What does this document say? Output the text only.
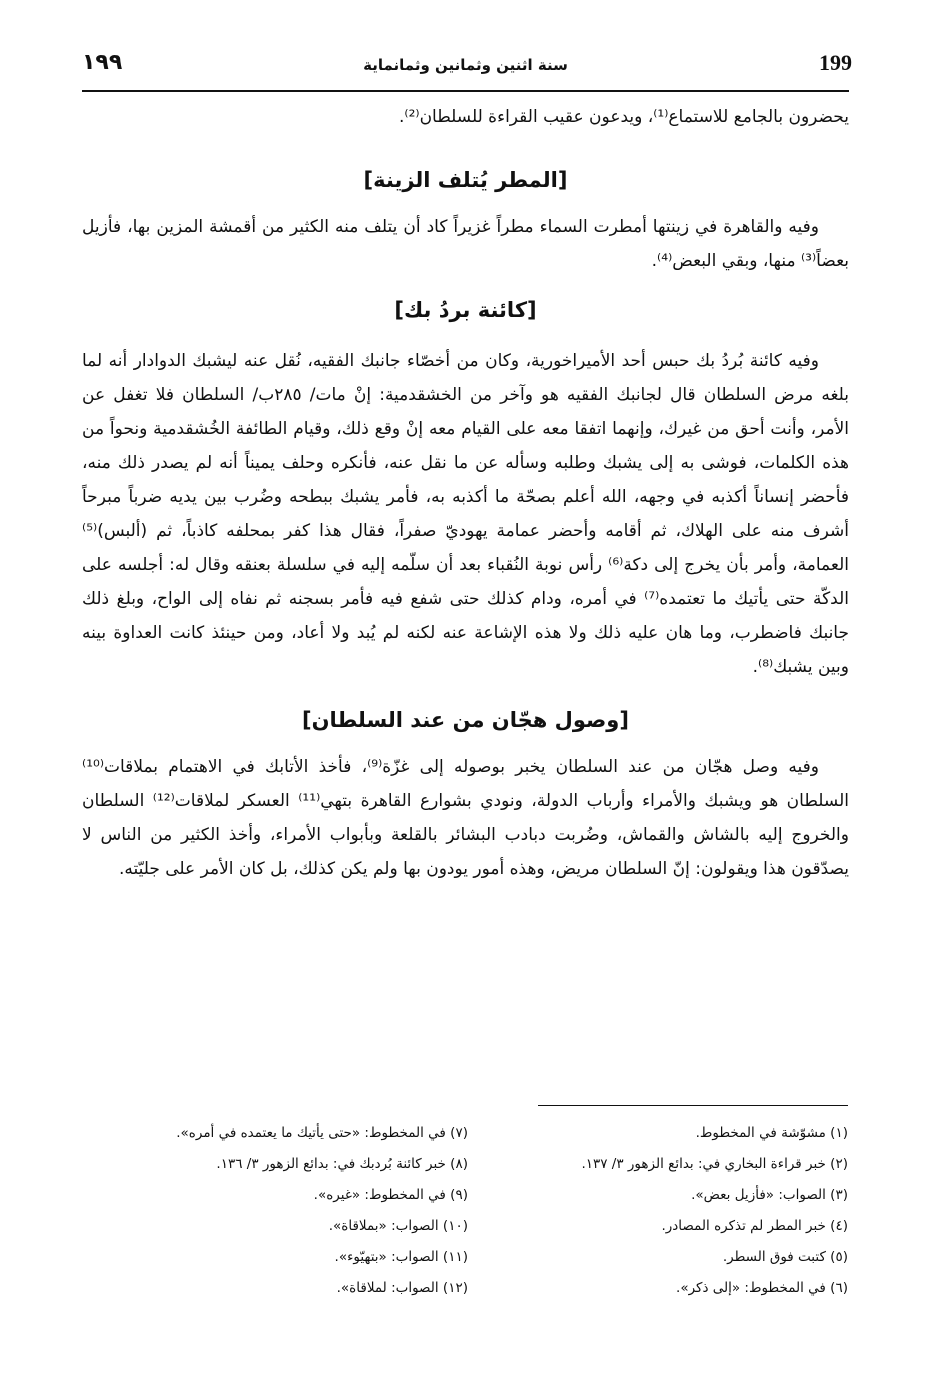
١٩٩	سنة اثنين وثمانين وثمانماية	199

يحضرون بالجامع للاستماع⁽¹⁾، ويدعون عقيب القراءة للسلطان⁽²⁾.

[المطر يُتلف الزينة]

وفيه والقاهرة في زينتها أمطرت السماء مطراً غزيراً كاد أن يتلف منه الكثير من أقمشة المزين بها، فأزيل بعضاً⁽³⁾ منها، وبقي البعض⁽⁴⁾.

[كائنة بردُ بك]

وفيه كائنة بُردُ بك حبس أحد الأميراخورية، وكان من أخصّاء جانبك الفقيه، نُقل عنه ليشبك الدوادار أنه لما بلغه مرض السلطان قال لجانبك الفقيه هو وآخر من الخشقدمية: إنْ مات/ ٢٨٥ب/ السلطان فلا تغفل عن الأمر، وأنت أحق من غيرك، وإنهما اتفقا معه على القيام معه إنْ وقع ذلك، وقيام الطائفة الخُشقدمية ونحواً من هذه الكلمات، فوشى به إلى يشبك وطلبه وسأله عن ما نقل عنه، فأنكره وحلف يميناً أنه لم يصدر ذلك منه، فأحضر إنساناً أكذبه في وجهه، الله أعلم بصحّة ما أكذبه به، فأمر يشبك ببطحه وضُرب بين يديه ضرباً مبرحاً أشرف منه على الهلاك، ثم أقامه وأحضر عمامة يهوديّ صفراً، فقال هذا كفر بمحلفه كاذباً، ثم (ألبس)⁽⁵⁾ العمامة، وأمر بأن يخرج إلى دكة⁽⁶⁾ رأس نوبة النُقباء بعد أن سلّمه إليه في سلسلة بعنقه وقال له: أجلسه على الدكّة حتى يأتيك ما تعتمده⁽⁷⁾ في أمره، ودام كذلك حتى شفع فيه فأمر بسجنه ثم نفاه إلى الواح، وبلغ ذلك جانبك فاضطرب، وما هان عليه ذلك ولا هذه الإشاعة عنه لكنه لم يُبد ولا أعاد، ومن حينئذ كانت العداوة بينه وبين يشبك⁽⁸⁾.

[وصول هجّان من عند السلطان]

وفيه وصل هجّان من عند السلطان يخبر بوصوله إلى غزّة⁽⁹⁾، فأخذ الأتابك في الاهتمام بملاقات⁽¹⁰⁾ السلطان هو ويشبك والأمراء وأرباب الدولة، ونودي بشوارع القاهرة بتهي⁽¹¹⁾ العسكر لملاقات⁽¹²⁾ السلطان والخروج إليه بالشاش والقماش، وضُربت دبادب البشائر بالقلعة وبأبواب الأمراء، وأخذ الكثير من الناس لا يصدّقون هذا ويقولون: إنّ السلطان مريض، وهذه أمور يودون بها ولم يكن كذلك، بل كان الأمر على جليّته.

(١) مشوّشة في المخطوط.
(٢) خبر قراءة البخاري في: بدائع الزهور ٣/ ١٣٧.
(٣) الصواب: «فأزيل بعض».
(٤) خبر المطر لم تذكره المصادر.
(٥) كتبت فوق السطر.
(٦) في المخطوط: «إلى ذكر».
(٧) في المخطوط: «حتى يأتيك ما يعتمده في أمره».
(٨) خبر كائنة بُردبك في: بدائع الزهور ٣/ ١٣٦.
(٩) في المخطوط: «غيره».
(١٠) الصواب: «بملاقاة».
(١١) الصواب: «بتهيّوء».
(١٢) الصواب: لملاقاة».
